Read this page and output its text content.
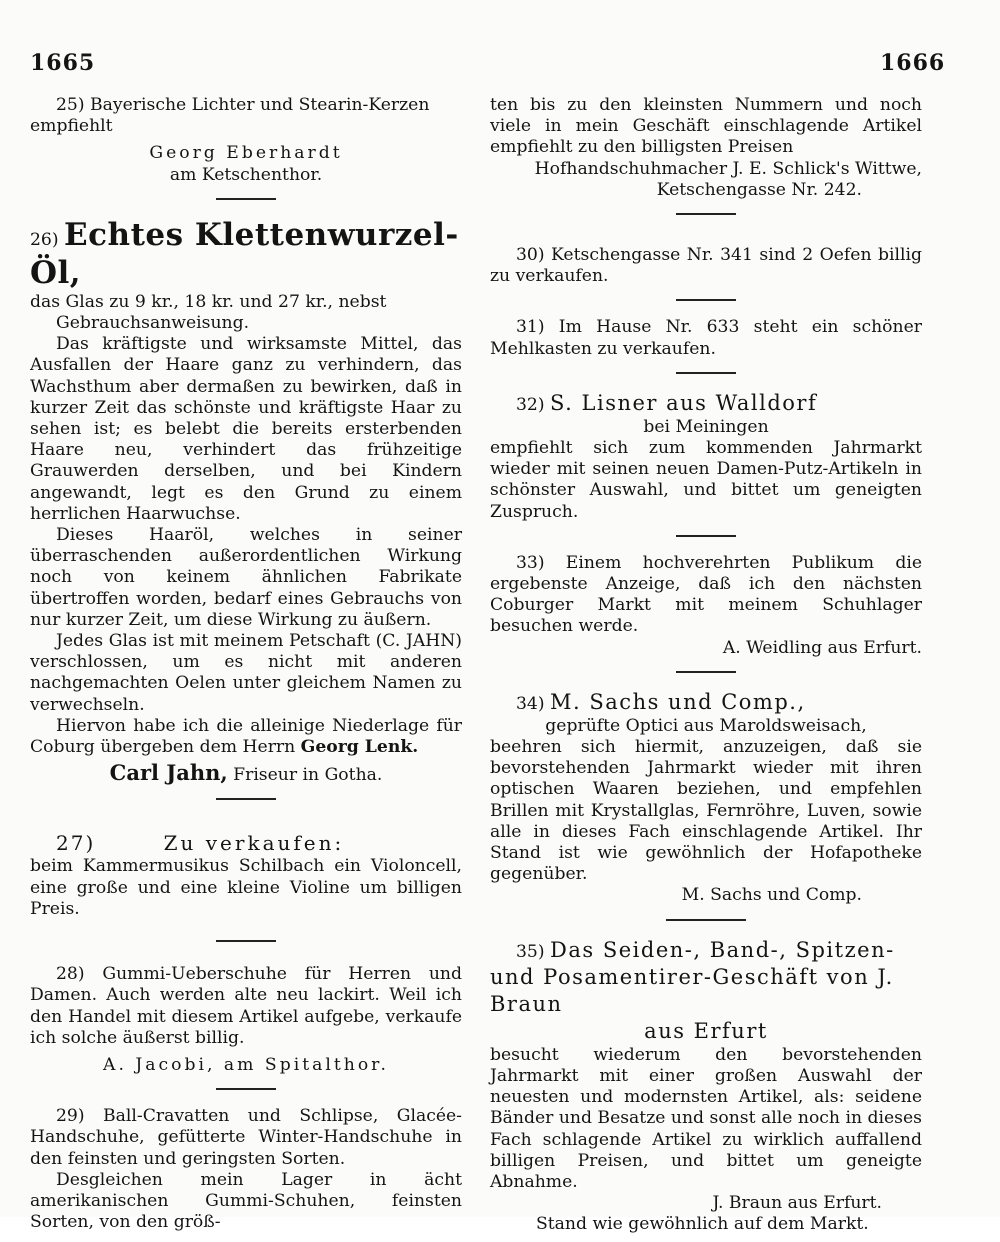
1665	1666

25) Bayerische Lichter und Stearin-Kerzen

empfiehlt

Georg Eberhardt

am Ketschenthor.

26) Echtes Klettenwurzel-Öl,

das Glas zu 9 kr., 18 kr. und 27 kr., nebst

Gebrauchsanweisung.

Das kräftigste und wirksamste Mittel, das Ausfallen der Haare ganz zu verhindern, das Wachsthum aber dermaßen zu bewirken, daß in kurzer Zeit das schönste und kräftigste Haar zu sehen ist; es belebt die bereits ersterbenden Haare neu, verhindert das frühzeitige Grauwerden derselben, und bei Kindern angewandt, legt es den Grund zu einem herrlichen Haarwuchse.

Dieses Haaröl, welches in seiner überraschenden außerordentlichen Wirkung noch von keinem ähnlichen Fabrikate übertroffen worden, bedarf eines Gebrauchs von nur kurzer Zeit, um diese Wirkung zu äußern.

Jedes Glas ist mit meinem Petschaft (C. JAHN) verschlossen, um es nicht mit anderen nachgemachten Oelen unter gleichem Namen zu verwechseln.

Hiervon habe ich die alleinige Niederlage für Coburg übergeben dem Herrn Georg Lenk.

Carl Jahn, Friseur in Gotha.

27)	Zu verkaufen:

beim Kammermusikus Schilbach ein Violoncell, eine große und eine kleine Violine um billigen Preis.

28) Gummi-Ueberschuhe für Herren und Damen. Auch werden alte neu lackirt. Weil ich den Handel mit diesem Artikel aufgebe, verkaufe ich solche äußerst billig.

A. Jacobi, am Spitalthor.

29) Ball-Cravatten und Schlipse, Glacée-Handschuhe, gefütterte Winter-Handschuhe in den feinsten und geringsten Sorten.

Desgleichen mein Lager in ächt amerikanischen Gummi-Schuhen, feinsten Sorten, von den größ-

ten bis zu den kleinsten Nummern und noch viele in mein Geschäft einschlagende Artikel empfiehlt zu den billigsten Preisen

Hofhandschuhmacher J. E. Schlick's Wittwe,

Ketschengasse Nr. 242.

30) Ketschengasse Nr. 341 sind 2 Oefen billig zu verkaufen.

31) Im Hause Nr. 633 steht ein schöner Mehlkasten zu verkaufen.

32) S. Lisner aus Walldorf

bei Meiningen

empfiehlt sich zum kommenden Jahrmarkt wieder mit seinen neuen Damen-Putz-Artikeln in schönster Auswahl, und bittet um geneigten Zuspruch.

33) Einem hochverehrten Publikum die ergebenste Anzeige, daß ich den nächsten Coburger Markt mit meinem Schuhlager besuchen werde.

A. Weidling aus Erfurt.

34) M. Sachs und Comp.,

geprüfte Optici aus Maroldsweisach,

beehren sich hiermit, anzuzeigen, daß sie bevorstehenden Jahrmarkt wieder mit ihren optischen Waaren beziehen, und empfehlen Brillen mit Krystallglas, Fernröhre, Luven, sowie alle in dieses Fach einschlagende Artikel. Ihr Stand ist wie gewöhnlich der Hofapotheke gegenüber.

M. Sachs und Comp.

35) Das Seiden-, Band-, Spitzen-

und Posamentirer-Geschäft von J. Braun

aus Erfurt

besucht wiederum den bevorstehenden Jahrmarkt mit einer großen Auswahl der neuesten und modernsten Artikel, als: seidene Bänder und Besatze und sonst alle noch in dieses Fach schlagende Artikel zu wirklich auffallend billigen Preisen, und bittet um geneigte Abnahme.

J. Braun aus Erfurt.

Stand wie gewöhnlich auf dem Markt.
